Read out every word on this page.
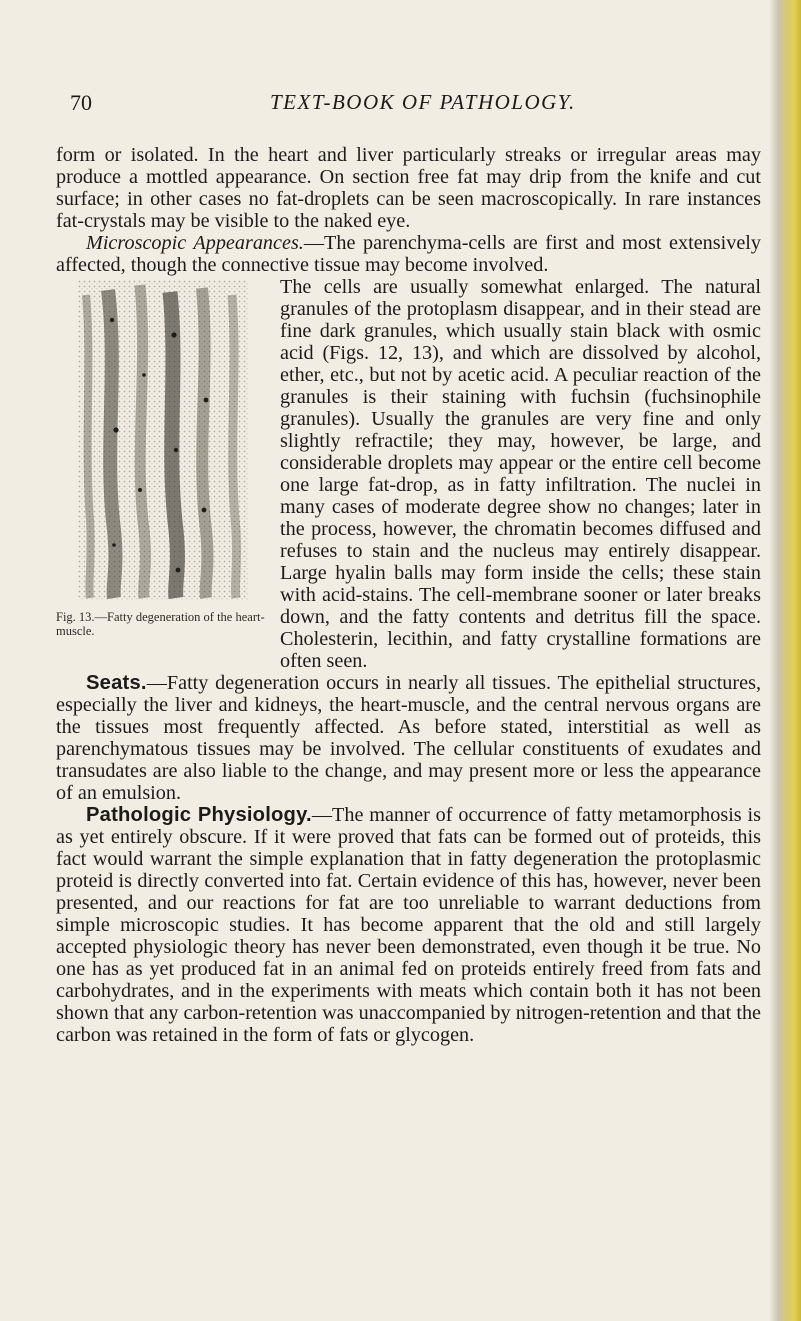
70	TEXT-BOOK OF PATHOLOGY.

form or isolated. In the heart and liver particularly streaks or irregular areas may produce a mottled appearance. On section free fat may drip from the knife and cut surface; in other cases no fat-droplets can be seen macroscopically. In rare instances fat-crystals may be visible to the naked eye.

Microscopic Appearances.—The parenchyma-cells are first and most extensively affected, though the connective tissue may become involved.

Fig. 13.—Fatty degeneration of the heart-muscle.

The cells are usually somewhat enlarged. The natural granules of the protoplasm disappear, and in their stead are fine dark granules, which usually stain black with osmic acid (Figs. 12, 13), and which are dissolved by alcohol, ether, etc., but not by acetic acid. A peculiar reaction of the granules is their staining with fuchsin (fuchsinophile granules). Usually the granules are very fine and only slightly refractile; they may, however, be large, and considerable droplets may appear or the entire cell become one large fat-drop, as in fatty infiltration. The nuclei in many cases of moderate degree show no changes; later in the process, however, the chromatin becomes diffused and refuses to stain and the nucleus may entirely disappear. Large hyalin balls may form inside the cells; these stain with acid-stains. The cell-membrane sooner or later breaks down, and the fatty contents and detritus fill the space. Cholesterin, lecithin, and fatty crystalline formations are often seen.

Seats.—Fatty degeneration occurs in nearly all tissues. The epithelial structures, especially the liver and kidneys, the heart-muscle, and the central nervous organs are the tissues most frequently affected. As before stated, interstitial as well as parenchymatous tissues may be involved. The cellular constituents of exudates and transudates are also liable to the change, and may present more or less the appearance of an emulsion.

Pathologic Physiology.—The manner of occurrence of fatty metamorphosis is as yet entirely obscure. If it were proved that fats can be formed out of proteids, this fact would warrant the simple explanation that in fatty degeneration the protoplasmic proteid is directly converted into fat. Certain evidence of this has, however, never been presented, and our reactions for fat are too unreliable to warrant deductions from simple microscopic studies. It has become apparent that the old and still largely accepted physiologic theory has never been demonstrated, even though it be true. No one has as yet produced fat in an animal fed on proteids entirely freed from fats and carbohydrates, and in the experiments with meats which contain both it has not been shown that any carbon-retention was unaccompanied by nitrogen-retention and that the carbon was retained in the form of fats or glycogen.
